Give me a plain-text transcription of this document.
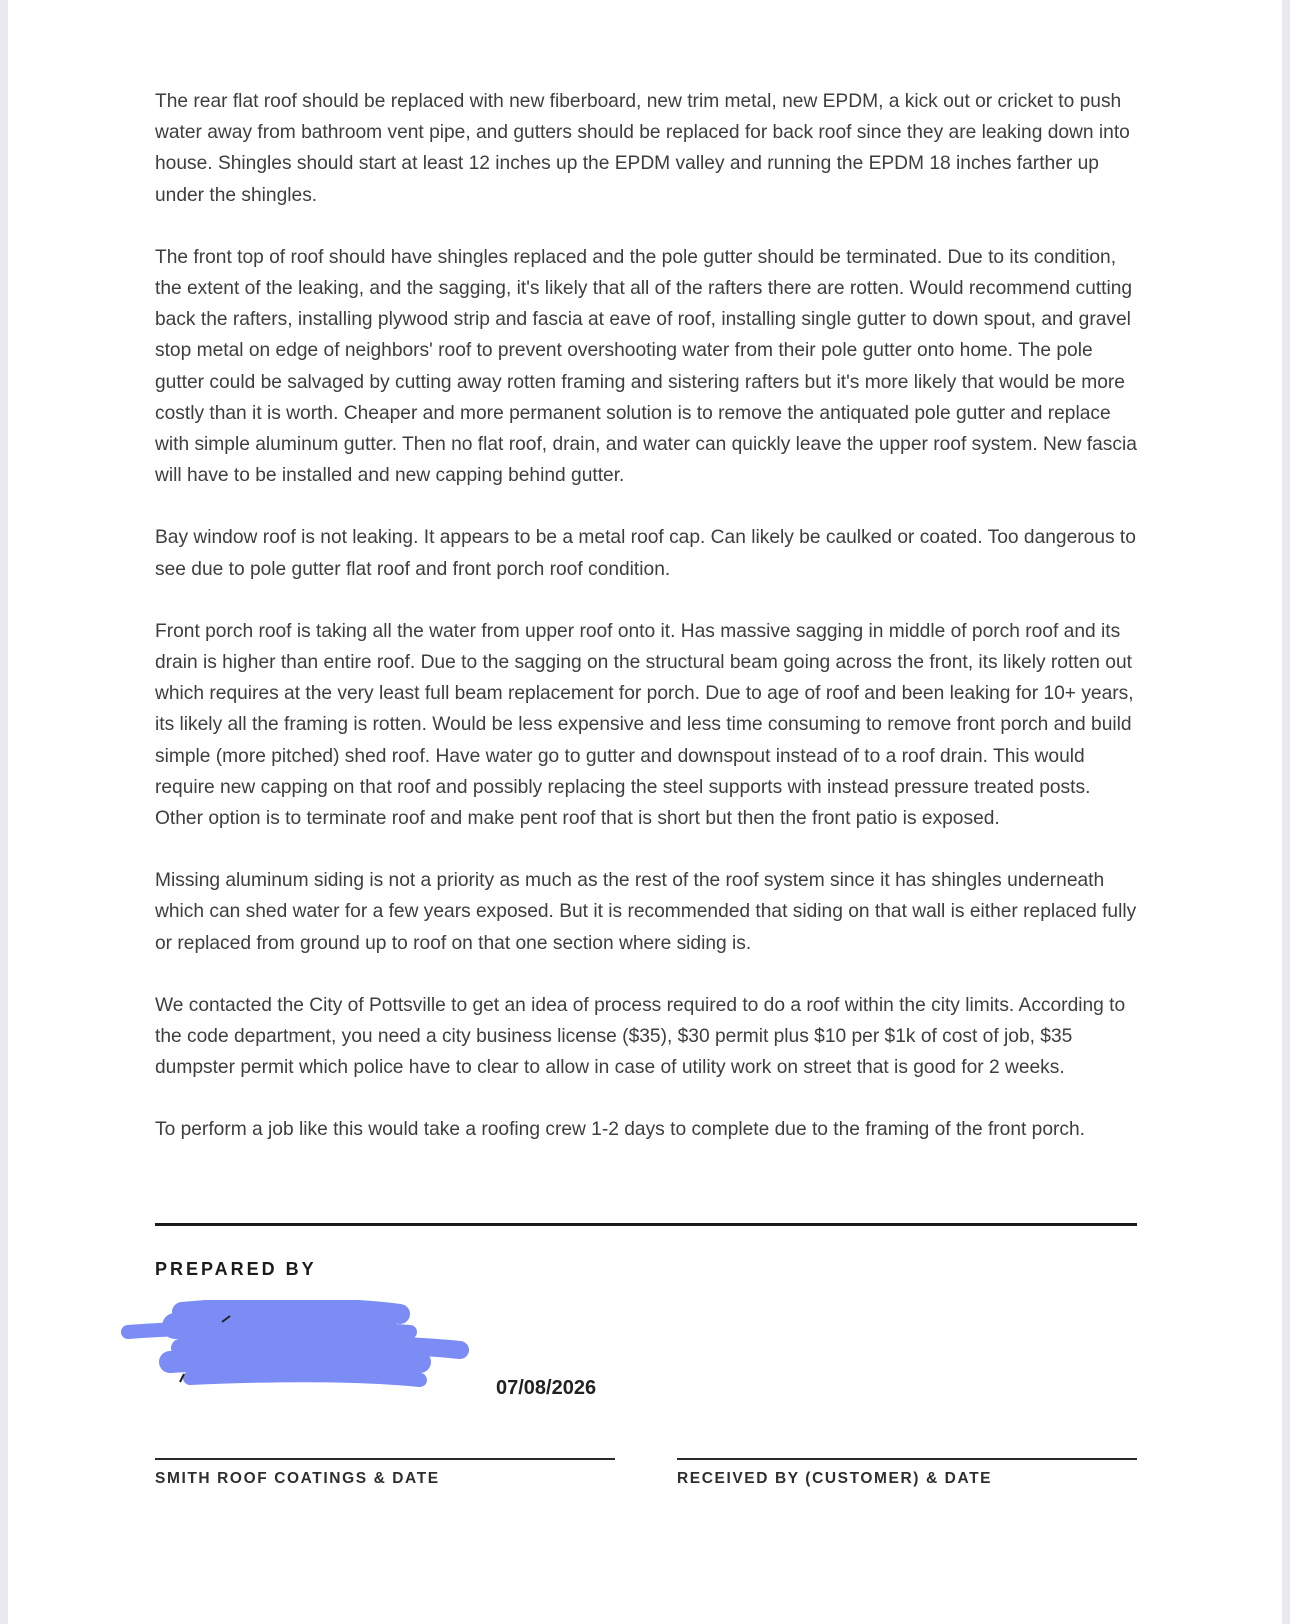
The rear flat roof should be replaced with new fiberboard, new trim metal, new EPDM, a kick out or cricket to push water away from bathroom vent pipe, and gutters should be replaced for back roof since they are leaking down into house. Shingles should start at least 12 inches up the EPDM valley and running the EPDM 18 inches farther up under the shingles.

The front top of roof should have shingles replaced and the pole gutter should be terminated. Due to its condition, the extent of the leaking, and the sagging, it's likely that all of the rafters there are rotten. Would recommend cutting back the rafters, installing plywood strip and fascia at eave of roof, installing single gutter to down spout, and gravel stop metal on edge of neighbors' roof to prevent overshooting water from their pole gutter onto home. The pole gutter could be salvaged by cutting away rotten framing and sistering rafters but it's more likely that would be more costly than it is worth. Cheaper and more permanent solution is to remove the antiquated pole gutter and replace with simple aluminum gutter. Then no flat roof, drain, and water can quickly leave the upper roof system. New fascia will have to be installed and new capping behind gutter.

Bay window roof is not leaking. It appears to be a metal roof cap. Can likely be caulked or coated. Too dangerous to see due to pole gutter flat roof and front porch roof condition.

Front porch roof is taking all the water from upper roof onto it. Has massive sagging in middle of porch roof and its drain is higher than entire roof. Due to the sagging on the structural beam going across the front, its likely rotten out which requires at the very least full beam replacement for porch. Due to age of roof and been leaking for 10+ years, its likely all the framing is rotten. Would be less expensive and less time consuming to remove front porch and build simple (more pitched) shed roof. Have water go to gutter and downspout instead of to a roof drain. This would require new capping on that roof and possibly replacing the steel supports with instead pressure treated posts. Other option is to terminate roof and make pent roof that is short but then the front patio is exposed.

Missing aluminum siding is not a priority as much as the rest of the roof system since it has shingles underneath which can shed water for a few years exposed. But it is recommended that siding on that wall is either replaced fully or replaced from ground up to roof on that one section where siding is.

We contacted the City of Pottsville to get an idea of process required to do a roof within the city limits. According to the code department, you need a city business license ($35), $30 permit plus $10 per $1k of cost of job, $35 dumpster permit which police have to clear to allow in case of utility work on street that is good for 2 weeks.

To perform a job like this would take a roofing crew 1-2 days to complete due to the framing of the front porch.

PREPARED BY
07/08/2026
SMITH ROOF COATINGS & DATE	RECEIVED BY (CUSTOMER) & DATE
